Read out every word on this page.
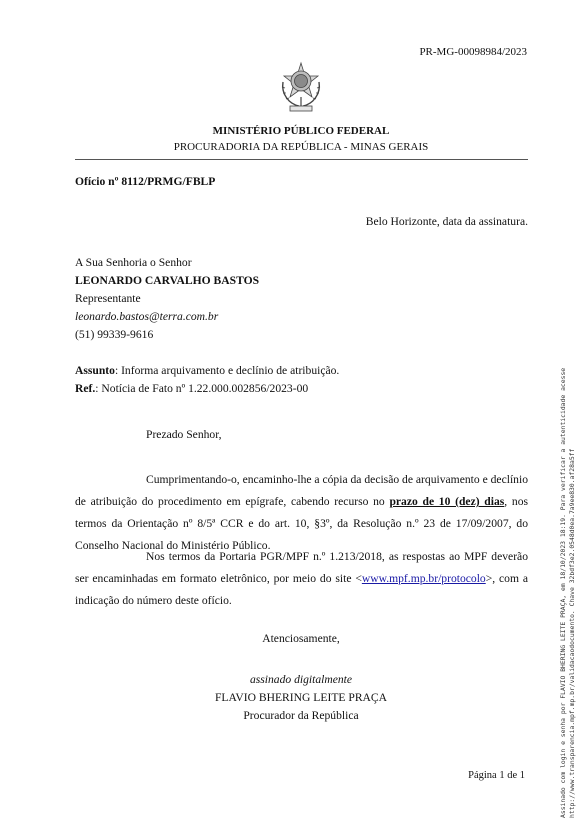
PR-MG-00098984/2023
MINISTÉRIO PÚBLICO FEDERAL
PROCURADORIA DA REPÚBLICA - MINAS GERAIS
Ofício nº 8112/PRMG/FBLP
Belo Horizonte, data da assinatura.
A Sua Senhoria o Senhor
LEONARDO CARVALHO BASTOS
Representante
leonardo.bastos@terra.com.br
(51) 99339-9616
Assunto: Informa arquivamento e declínio de atribuição.
Ref.: Notícia de Fato nº 1.22.000.002856/2023-00
Prezado Senhor,
Cumprimentando-o, encaminho-lhe a cópia da decisão de arquivamento e declínio de atribuição do procedimento em epígrafe, cabendo recurso no prazo de 10 (dez) dias, nos termos da Orientação nº 8/5ª CCR e do art. 10, §3º, da Resolução n.º 23 de 17/09/2007, do Conselho Nacional do Ministério Público.
Nos termos da Portaria PGR/MPF n.º 1.213/2018, as respostas ao MPF deverão ser encaminhadas em formato eletrônico, por meio do site <www.mpf.mp.br/protocolo>, com a indicação do número deste ofício.
Atenciosamente,
assinado digitalmente
FLAVIO BHERING LEITE PRAÇA
Procurador da República
Página 1 de 1	Assinado com login e senha por FLAVIO BHERING LEITE PRAÇA, em 18/10/2023 18:19. Para verificar a autenticidade acesse http://www.transparencia.mpf.mp.br/validacaodocumento. Chave 32bdf3e2.0548d0ea.7a9ee830.af28a5ff
